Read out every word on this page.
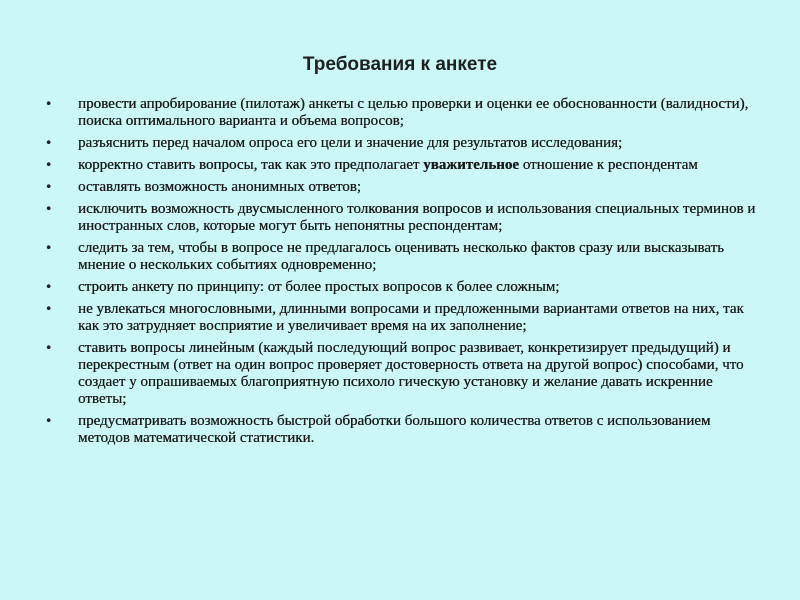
Требования к анкете
• провести апробирование (пилотаж) анкеты с целью проверки и оценки ее обоснованности (валидности), поиска оптимального варианта и объема вопросов;
• разъяснить перед началом опроса его цели и значение для результатов исследования;
• корректно ставить вопросы, так как это предполагает уважительное отношение к респондентам
• оставлять возможность анонимных ответов;
• исключить возможность двусмысленного толкования вопросов и использования специальных терминов и иностранных слов, которые могут быть непонятны респондентам;
• следить за тем, чтобы в вопросе не предлагалось оценивать несколько фактов сразу или высказывать мнение о нескольких событиях одновременно;
• строить анкету по принципу: от более простых вопросов к более сложным;
• не увлекаться многословными, длинными вопросами и предложенными вариантами ответов на них, так как это затрудняет восприятие и увеличивает время на их заполнение;
• ставить вопросы линейным (каждый последующий вопрос развивает, конкретизирует предыдущий) и перекрестным (ответ на один вопрос проверяет достоверность ответа на другой вопрос) способами, что создает у опрашиваемых благоприятную психоло гическую установку и желание давать искренние ответы;
• предусматривать возможность быстрой обработки большого количества ответов с использованием методов математической статистики.
